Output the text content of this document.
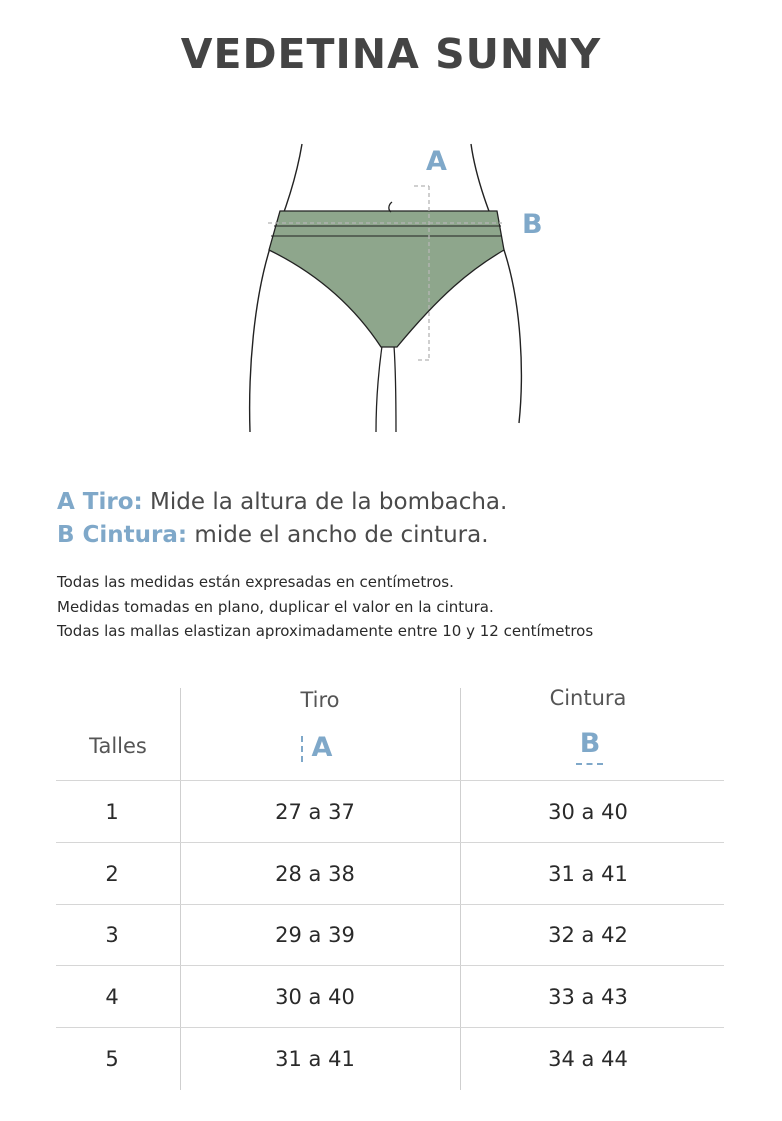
VEDETINA SUNNY
A
B
A Tiro: Mide la altura de la bombacha.
B Cintura: mide el ancho de cintura.
Todas las medidas están expresadas en centímetros.
Medidas tomadas en plano, duplicar el valor en la cintura.
Todas las mallas elastizan aproximadamente entre 10 y 12 centímetros
Talles
Tiro
A
Cintura
B
1	27 a 37	30 a 40
2	28 a 38	31 a 41
3	29 a 39	32 a 42
4	30 a 40	33 a 43
5	31 a 41	34 a 44
